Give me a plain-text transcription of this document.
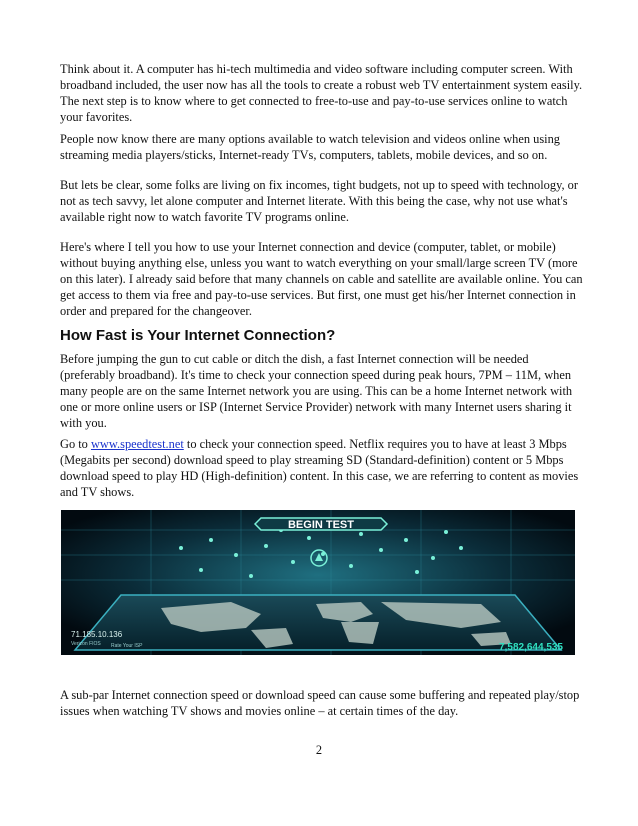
Think about it. A computer has hi-tech multimedia and video software including computer screen. With broadband included, the user now has all the tools to create a robust web TV entertainment system easily. The next step is to know where to get connected to free-to-use and pay-to-use services online to watch your favorites.

People now know there are many options available to watch television and videos online when using streaming media players/sticks, Internet-ready TVs, computers, tablets, mobile devices, and so on.

But lets be clear, some folks are living on fix incomes, tight budgets, not up to speed with technology, or not as tech savvy, let alone computer and Internet literate. With this being the case, why not use what's available right now to watch favorite TV programs online.

Here's where I tell you how to use your Internet connection and device (computer, tablet, or mobile) without buying anything else, unless you want to watch everything on your small/large screen TV (more on this later). I already said before that many channels on cable and satellite are available online. You can get access to them via free and pay-to-use services. But first, one must get his/her Internet connection in order and prepared for the changeover.

How Fast is Your Internet Connection?

Before jumping the gun to cut cable or ditch the dish, a fast Internet connection will be needed (preferably broadband). It's time to check your connection speed during peak hours, 7PM – 11M, when many people are on the same Internet network you are using. This can be a home Internet network with one or more online users or ISP (Internet Service Provider) network with many Internet users sharing it with you.

Go to www.speedtest.net to check your connection speed. Netflix requires you to have at least 3 Mbps (Megabits per second) download speed to play streaming SD (Standard-definition) content or 5 Mbps download speed to play HD (High-definition) content. In this case, we are referring to content as movies and TV shows.

BEGIN TEST
71.185.10.136
Verizon FIOS Rate Your ISP	7,582,644,535

A sub-par Internet connection speed or download speed can cause some buffering and repeated play/stop issues when watching TV shows and movies online – at certain times of the day.

2
